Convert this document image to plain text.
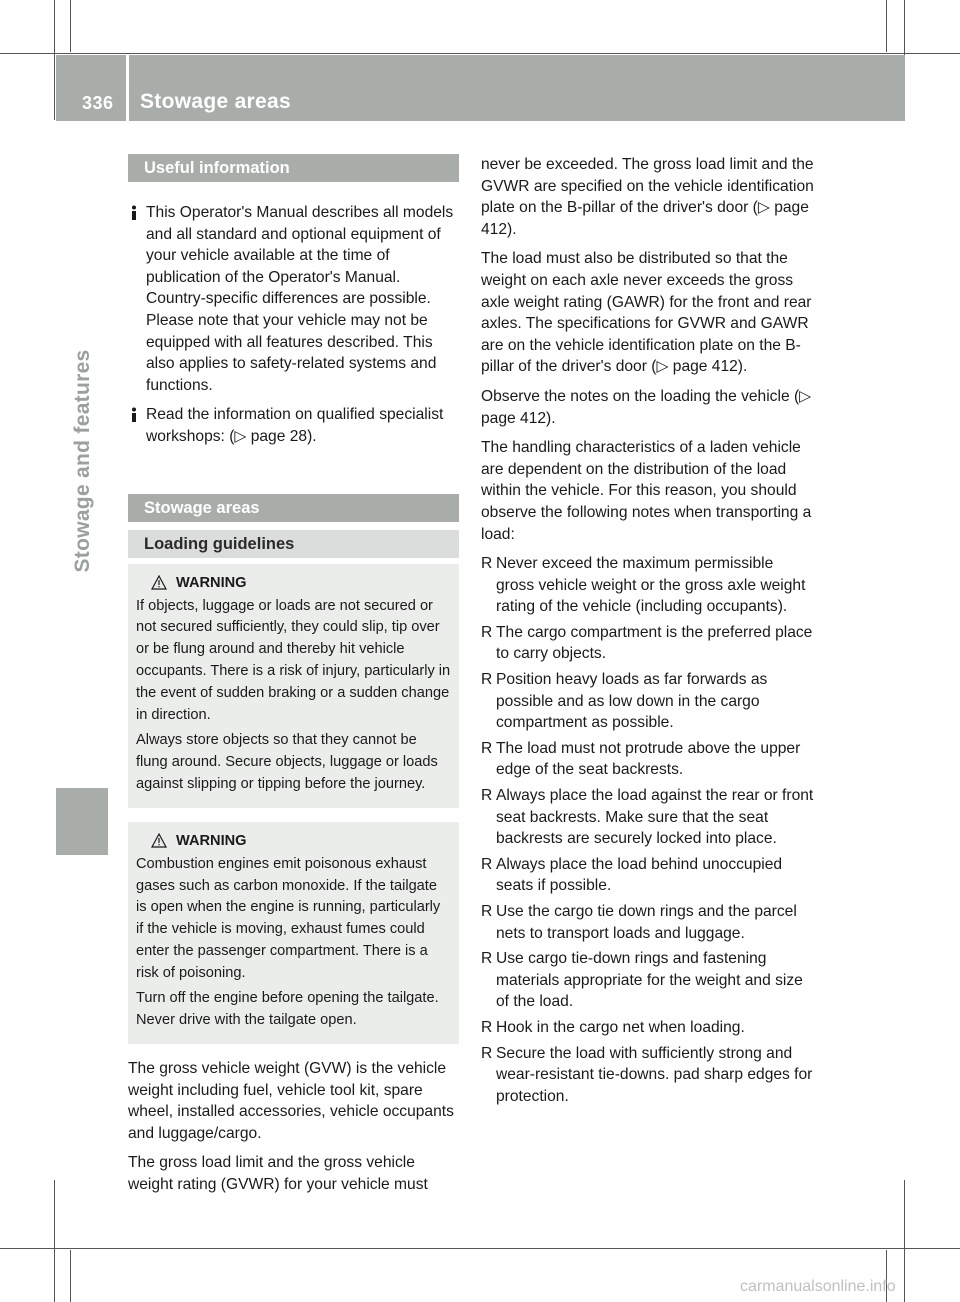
336 Stowage areas
Stowage and features
Useful information
This Operator's Manual describes all models and all standard and optional equipment of your vehicle available at the time of publication of the Operator's Manual. Country-specific differences are possible. Please note that your vehicle may not be equipped with all features described. This also applies to safety-related systems and functions.
Read the information on qualified specialist workshops: (▷ page 28).
Stowage areas
Loading guidelines
WARNING

If objects, luggage or loads are not secured or not secured sufficiently, they could slip, tip over or be flung around and thereby hit vehicle occupants. There is a risk of injury, particularly in the event of sudden braking or a sudden change in direction.

Always store objects so that they cannot be flung around. Secure objects, luggage or loads against slipping or tipping before the journey.

WARNING

Combustion engines emit poisonous exhaust gases such as carbon monoxide. If the tailgate is open when the engine is running, particularly if the vehicle is moving, exhaust fumes could enter the passenger compartment. There is a risk of poisoning.

Turn off the engine before opening the tailgate. Never drive with the tailgate open.

The gross vehicle weight (GVW) is the vehicle weight including fuel, vehicle tool kit, spare wheel, installed accessories, vehicle occupants and luggage/cargo.

The gross load limit and the gross vehicle weight rating (GVWR) for your vehicle must

never be exceeded. The gross load limit and the GVWR are specified on the vehicle identification plate on the B-pillar of the driver's door (▷ page 412).

The load must also be distributed so that the weight on each axle never exceeds the gross axle weight rating (GAWR) for the front and rear axles. The specifications for GVWR and GAWR are on the vehicle identification plate on the B-pillar of the driver's door (▷ page 412).

Observe the notes on the loading the vehicle (▷ page 412).

The handling characteristics of a laden vehicle are dependent on the distribution of the load within the vehicle. For this reason, you should observe the following notes when transporting a load:

R Never exceed the maximum permissible gross vehicle weight or the gross axle weight rating of the vehicle (including occupants).
R The cargo compartment is the preferred place to carry objects.
R Position heavy loads as far forwards as possible and as low down in the cargo compartment as possible.
R The load must not protrude above the upper edge of the seat backrests.
R Always place the load against the rear or front seat backrests. Make sure that the seat backrests are securely locked into place.
R Always place the load behind unoccupied seats if possible.
R Use the cargo tie down rings and the parcel nets to transport loads and luggage.
R Use cargo tie-down rings and fastening materials appropriate for the weight and size of the load.
R Hook in the cargo net when loading.
R Secure the load with sufficiently strong and wear-resistant tie-downs. pad sharp edges for protection.
carmanualsonline.info
